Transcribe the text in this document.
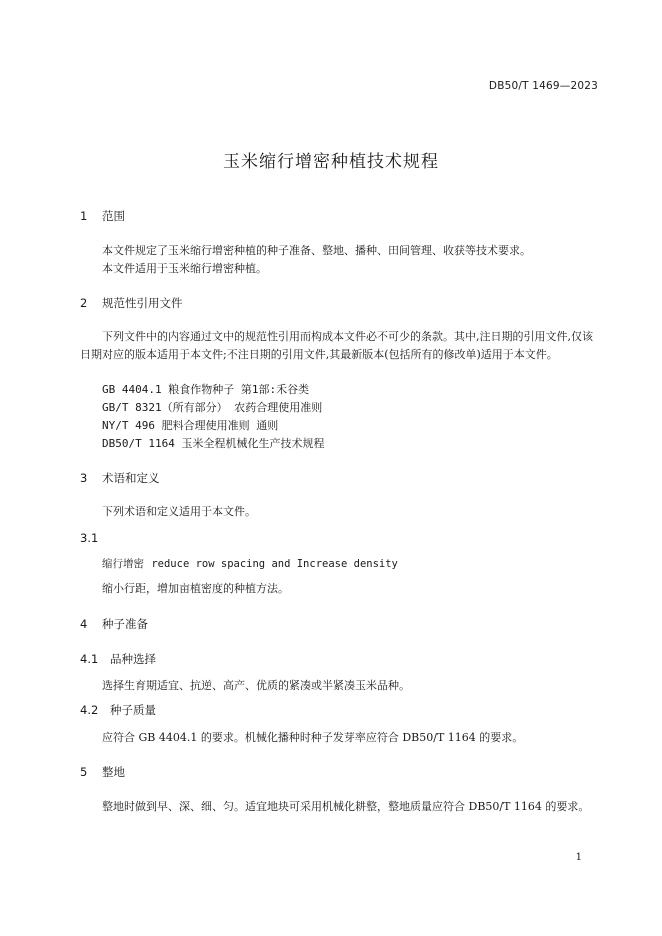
DB50/T 1469—2023
玉米缩行增密种植技术规程
1 范围
本文件规定了玉米缩行增密种植的种子准备、整地、播种、田间管理、收获等技术要求。
本文件适用于玉米缩行增密种植。
2 规范性引用文件
下列文件中的内容通过文中的规范性引用而构成本文件必不可少的条款。其中,注日期的引用文件,仅该日期对应的版本适用于本文件;不注日期的引用文件,其最新版本(包括所有的修改单)适用于本文件。
GB 4404.1 粮食作物种子 第1部:禾谷类
GB/T 8321（所有部分） 农药合理使用准则
NY/T 496 肥料合理使用准则 通则
DB50/T 1164 玉米全程机械化生产技术规程
3 术语和定义
下列术语和定义适用于本文件。
3.1
缩行增密 reduce row spacing and Increase density
缩小行距，增加亩植密度的种植方法。
4 种子准备
4.1 品种选择
选择生育期适宜、抗逆、高产、优质的紧凑或半紧凑玉米品种。
4.2 种子质量
应符合 GB 4404.1 的要求。机械化播种时种子发芽率应符合 DB50/T 1164 的要求。
5 整地
整地时做到早、深、细、匀。适宜地块可采用机械化耕整，整地质量应符合 DB50/T 1164 的要求。
1
